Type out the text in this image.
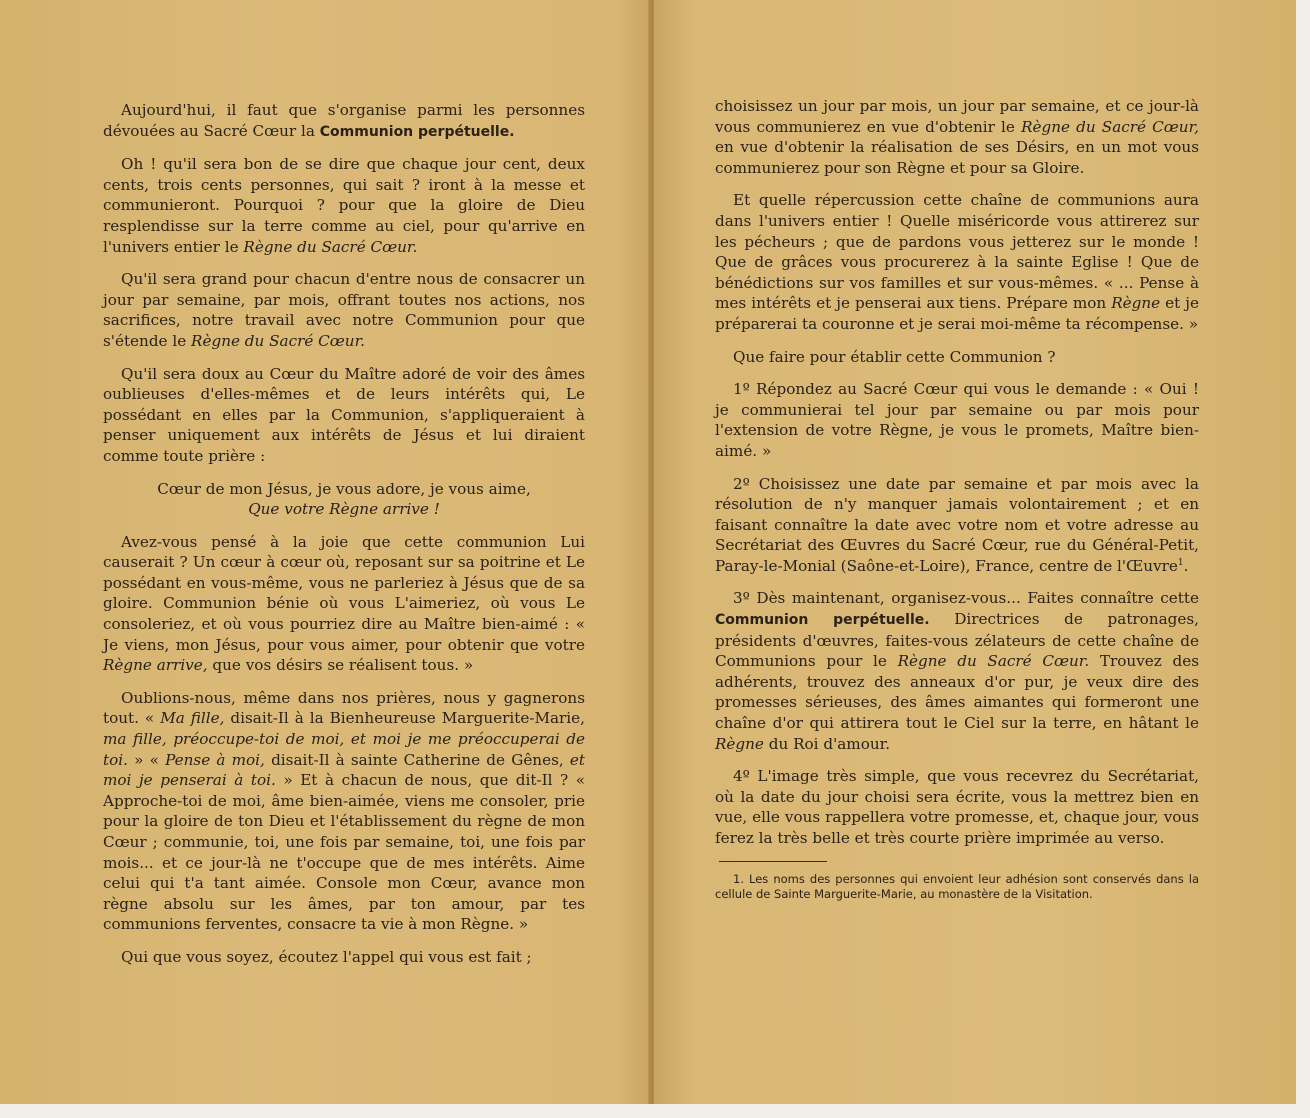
Aujourd'hui, il faut que s'organise parmi les personnes dévouées au Sacré Cœur la Communion perpétuelle.

Oh ! qu'il sera bon de se dire que chaque jour cent, deux cents, trois cents personnes, qui sait ? iront à la messe et communieront. Pourquoi ? pour que la gloire de Dieu resplendisse sur la terre comme au ciel, pour qu'arrive en l'univers entier le Règne du Sacré Cœur.

Qu'il sera grand pour chacun d'entre nous de consacrer un jour par semaine, par mois, offrant toutes nos actions, nos sacrifices, notre travail avec notre Communion pour que s'étende le Règne du Sacré Cœur.

Qu'il sera doux au Cœur du Maître adoré de voir des âmes oublieuses d'elles-mêmes et de leurs intérêts qui, Le possédant en elles par la Communion, s'appliqueraient à penser uniquement aux intérêts de Jésus et lui diraient comme toute prière :

Cœur de mon Jésus, je vous adore, je vous aime,
Que votre Règne arrive !

Avez-vous pensé à la joie que cette communion Lui causerait ? Un cœur à cœur où, reposant sur sa poitrine et Le possédant en vous-même, vous ne parleriez à Jésus que de sa gloire. Communion bénie où vous L'aimeriez, où vous Le consoleriez, et où vous pourriez dire au Maître bien-aimé : « Je viens, mon Jésus, pour vous aimer, pour obtenir que votre Règne arrive, que vos désirs se réalisent tous. »

Oublions-nous, même dans nos prières, nous y gagnerons tout. « Ma fille, disait-Il à la Bienheureuse Marguerite-Marie, ma fille, préoccupe-toi de moi, et moi je me préoccuperai de toi. » « Pense à moi, disait-Il à sainte Catherine de Gênes, et moi je penserai à toi. » Et à chacun de nous, que dit-Il ? « Approche-toi de moi, âme bien-aimée, viens me consoler, prie pour la gloire de ton Dieu et l'établissement du règne de mon Cœur ; communie, toi, une fois par semaine, toi, une fois par mois... et ce jour-là ne t'occupe que de mes intérêts. Aime celui qui t'a tant aimée. Console mon Cœur, avance mon règne absolu sur les âmes, par ton amour, par tes communions ferventes, consacre ta vie à mon Règne. »

Qui que vous soyez, écoutez l'appel qui vous est fait ;

choisissez un jour par mois, un jour par semaine, et ce jour-là vous communierez en vue d'obtenir le Règne du Sacré Cœur, en vue d'obtenir la réalisation de ses Désirs, en un mot vous communierez pour son Règne et pour sa Gloire.

Et quelle répercussion cette chaîne de communions aura dans l'univers entier ! Quelle miséricorde vous attirerez sur les pécheurs ; que de pardons vous jetterez sur le monde ! Que de grâces vous procurerez à la sainte Eglise ! Que de bénédictions sur vos familles et sur vous-mêmes. « ... Pense à mes intérêts et je penserai aux tiens. Prépare mon Règne et je préparerai ta couronne et je serai moi-même ta récompense. »

Que faire pour établir cette Communion ?

1º Répondez au Sacré Cœur qui vous le demande : « Oui ! je communierai tel jour par semaine ou par mois pour l'extension de votre Règne, je vous le promets, Maître bien-aimé. »

2º Choisissez une date par semaine et par mois avec la résolution de n'y manquer jamais volontairement ; et en faisant connaître la date avec votre nom et votre adresse au Secrétariat des Œuvres du Sacré Cœur, rue du Général-Petit, Paray-le-Monial (Saône-et-Loire), France, centre de l'Œuvre$^1$.

3º Dès maintenant, organisez-vous... Faites connaître cette Communion perpétuelle. Directrices de patronages, présidents d'œuvres, faites-vous zélateurs de cette chaîne de Communions pour le Règne du Sacré Cœur. Trouvez des adhérents, trouvez des anneaux d'or pur, je veux dire des promesses sérieuses, des âmes aimantes qui formeront une chaîne d'or qui attirera tout le Ciel sur la terre, en hâtant le Règne du Roi d'amour.

4º L'image très simple, que vous recevrez du Secrétariat, où la date du jour choisi sera écrite, vous la mettrez bien en vue, elle vous rappellera votre promesse, et, chaque jour, vous ferez la très belle et très courte prière imprimée au verso.

1. Les noms des personnes qui envoient leur adhésion sont conservés dans la cellule de Sainte Marguerite-Marie, au monastère de la Visitation.
